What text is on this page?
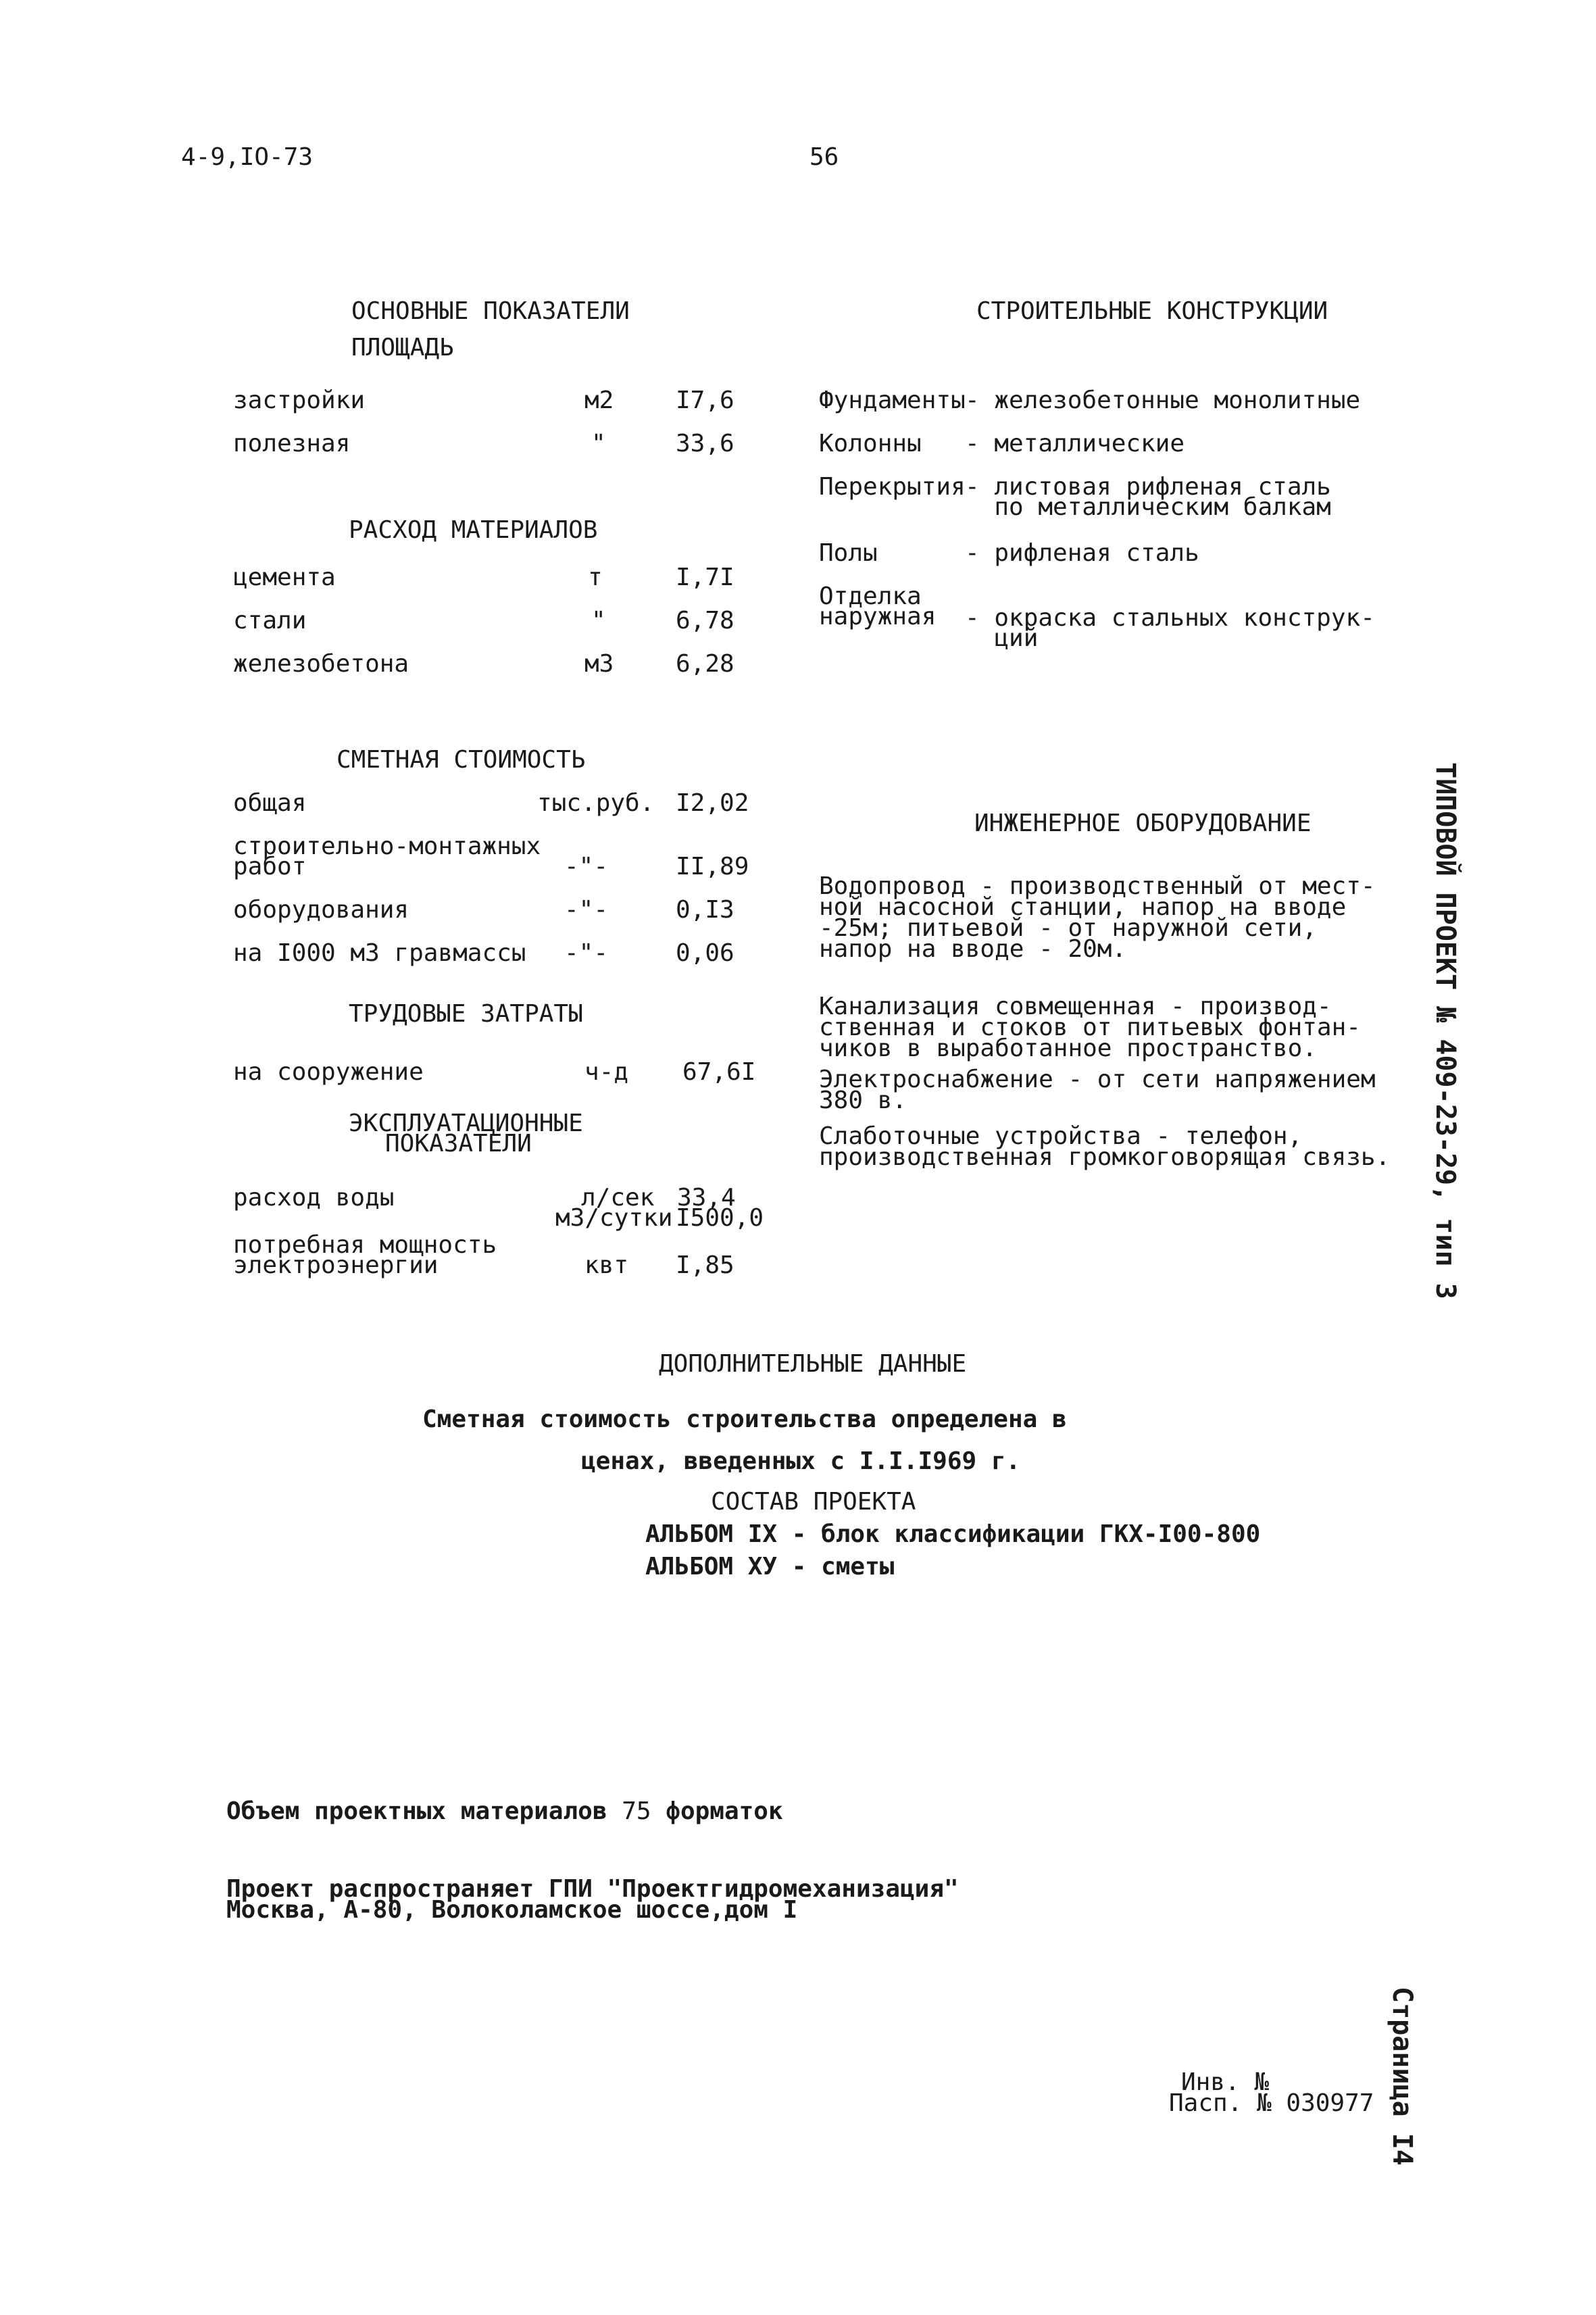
4-9,IO-73	56
ОСНОВНЫЕ ПОКАЗАТЕЛИ
ПЛОЩАДЬ
застройки	м2	I7,6
полезная	"	33,6
РАСХОД МАТЕРИАЛОВ
цемента	т	I,7I
стали	"	6,78
железобетона	м3	6,28
СМЕТНАЯ СТОИМОСТЬ
общая	тыс.руб. I2,02
строительно-монтажных
работ	-"-	II,89
оборудования	-"-	0,I3
на I000 м3 гравмассы -"-	0,06
ТРУДОВЫЕ ЗАТРАТЫ
на сооружение	ч-д 67,6I
ЭКСПЛУАТАЦИОННЫЕ
ПОКАЗАТЕЛИ
расход воды	л/сек 33,4
м3/сутки I500,0
потребная мощность
электроэнергии	квт I,85
СТРОИТЕЛЬНЫЕ КОНСТРУКЦИИ
Фундаменты - железобетонные монолитные
Колонны - металлические
Перекрытия - листовая рифленая сталь
по металлическим балкам
Полы	- рифленая сталь
Отделка
наружная - окраска стальных конструк-
ций
ИНЖЕНЕРНОЕ ОБОРУДОВАНИЕ
Водопровод - производственный от мест-
ной насосной станции, напор на вводе
-25м; питьевой - от наружной сети,
напор на вводе - 20м.
Канализация совмещенная - производ-
ственная и стоков от питьевых фонтан-
чиков в выработанное пространство.
Электроснабжение - от сети напряжением
380 в.
Слаботочные устройства - телефон,
производственная громкоговорящая связь.
ДОПОЛНИТЕЛЬНЫЕ ДАННЫЕ
Сметная стоимость строительства определена в
ценах, введенных с I.I.I969 г.
СОСТАВ ПРОЕКТА
АЛЬБОМ IX - блок классификации ГКХ-I00-800
АЛЬБОМ ХУ - сметы
Объем проектных материалов 75 форматок
Проект распространяет ГПИ "Проектгидромеханизация"
Москва, А-80, Волоколамское шоссе,дом I
Инв. №
Пасп. № 030977
ТИПОВОЙ ПРОЕКТ № 409-23-29, тип 3
Страница I4
